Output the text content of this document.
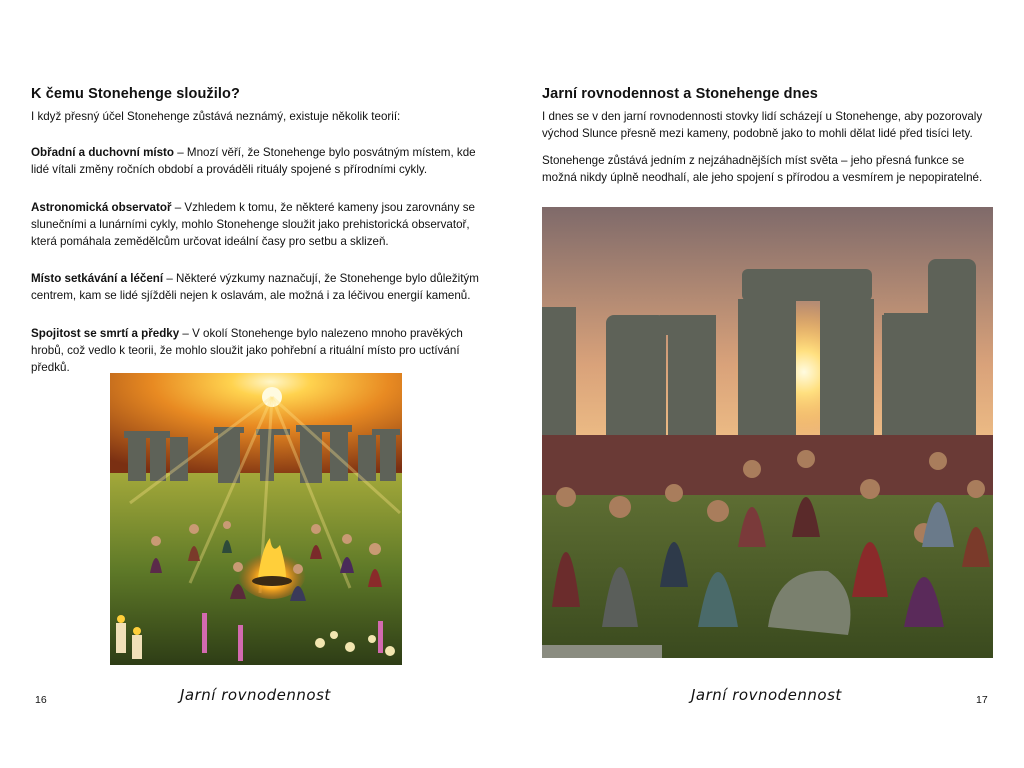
K čemu Stonehenge sloužilo?

I když přesný účel Stonehenge zůstává neznámý, existuje několik teorií:

Obřadní a duchovní místo – Mnozí věří, že Stonehenge bylo posvátným místem, kde lidé vítali změny ročních období a prováděli rituály spojené s přírodními cykly.
Astronomická observatoř – Vzhledem k tomu, že některé kameny jsou zarovnány se slunečními a lunárními cykly, mohlo Stonehenge sloužit jako prehistorická observatoř, která pomáhala zemědělcům určovat ideální časy pro setbu a sklizeň.
Místo setkávání a léčení – Některé výzkumy naznačují, že Stonehenge bylo důležitým centrem, kam se lidé sjížděli nejen k oslavám, ale možná i za léčivou energií kamenů.
Spojitost se smrtí a předky – V okolí Stonehenge bylo nalezeno mnoho pravěkých hrobů, což vedlo k teorii, že mohlo sloužit jako pohřební a rituální místo pro uctívání předků.
Jarní rovnodennost
16
Jarní rovnodennost a Stonehenge dnes

I dnes se v den jarní rovnodennosti stovky lidí scházejí u Stonehenge, aby pozorovaly východ Slunce přesně mezi kameny, podobně jako to mohli dělat lidé před tisíci lety.

Stonehenge zůstává jedním z nejzáhadnějších míst světa – jeho přesná funkce se možná nikdy úplně neodhalí, ale jeho spojení s přírodou a vesmírem je nepopiratelné.

Jarní rovnodennost	17
